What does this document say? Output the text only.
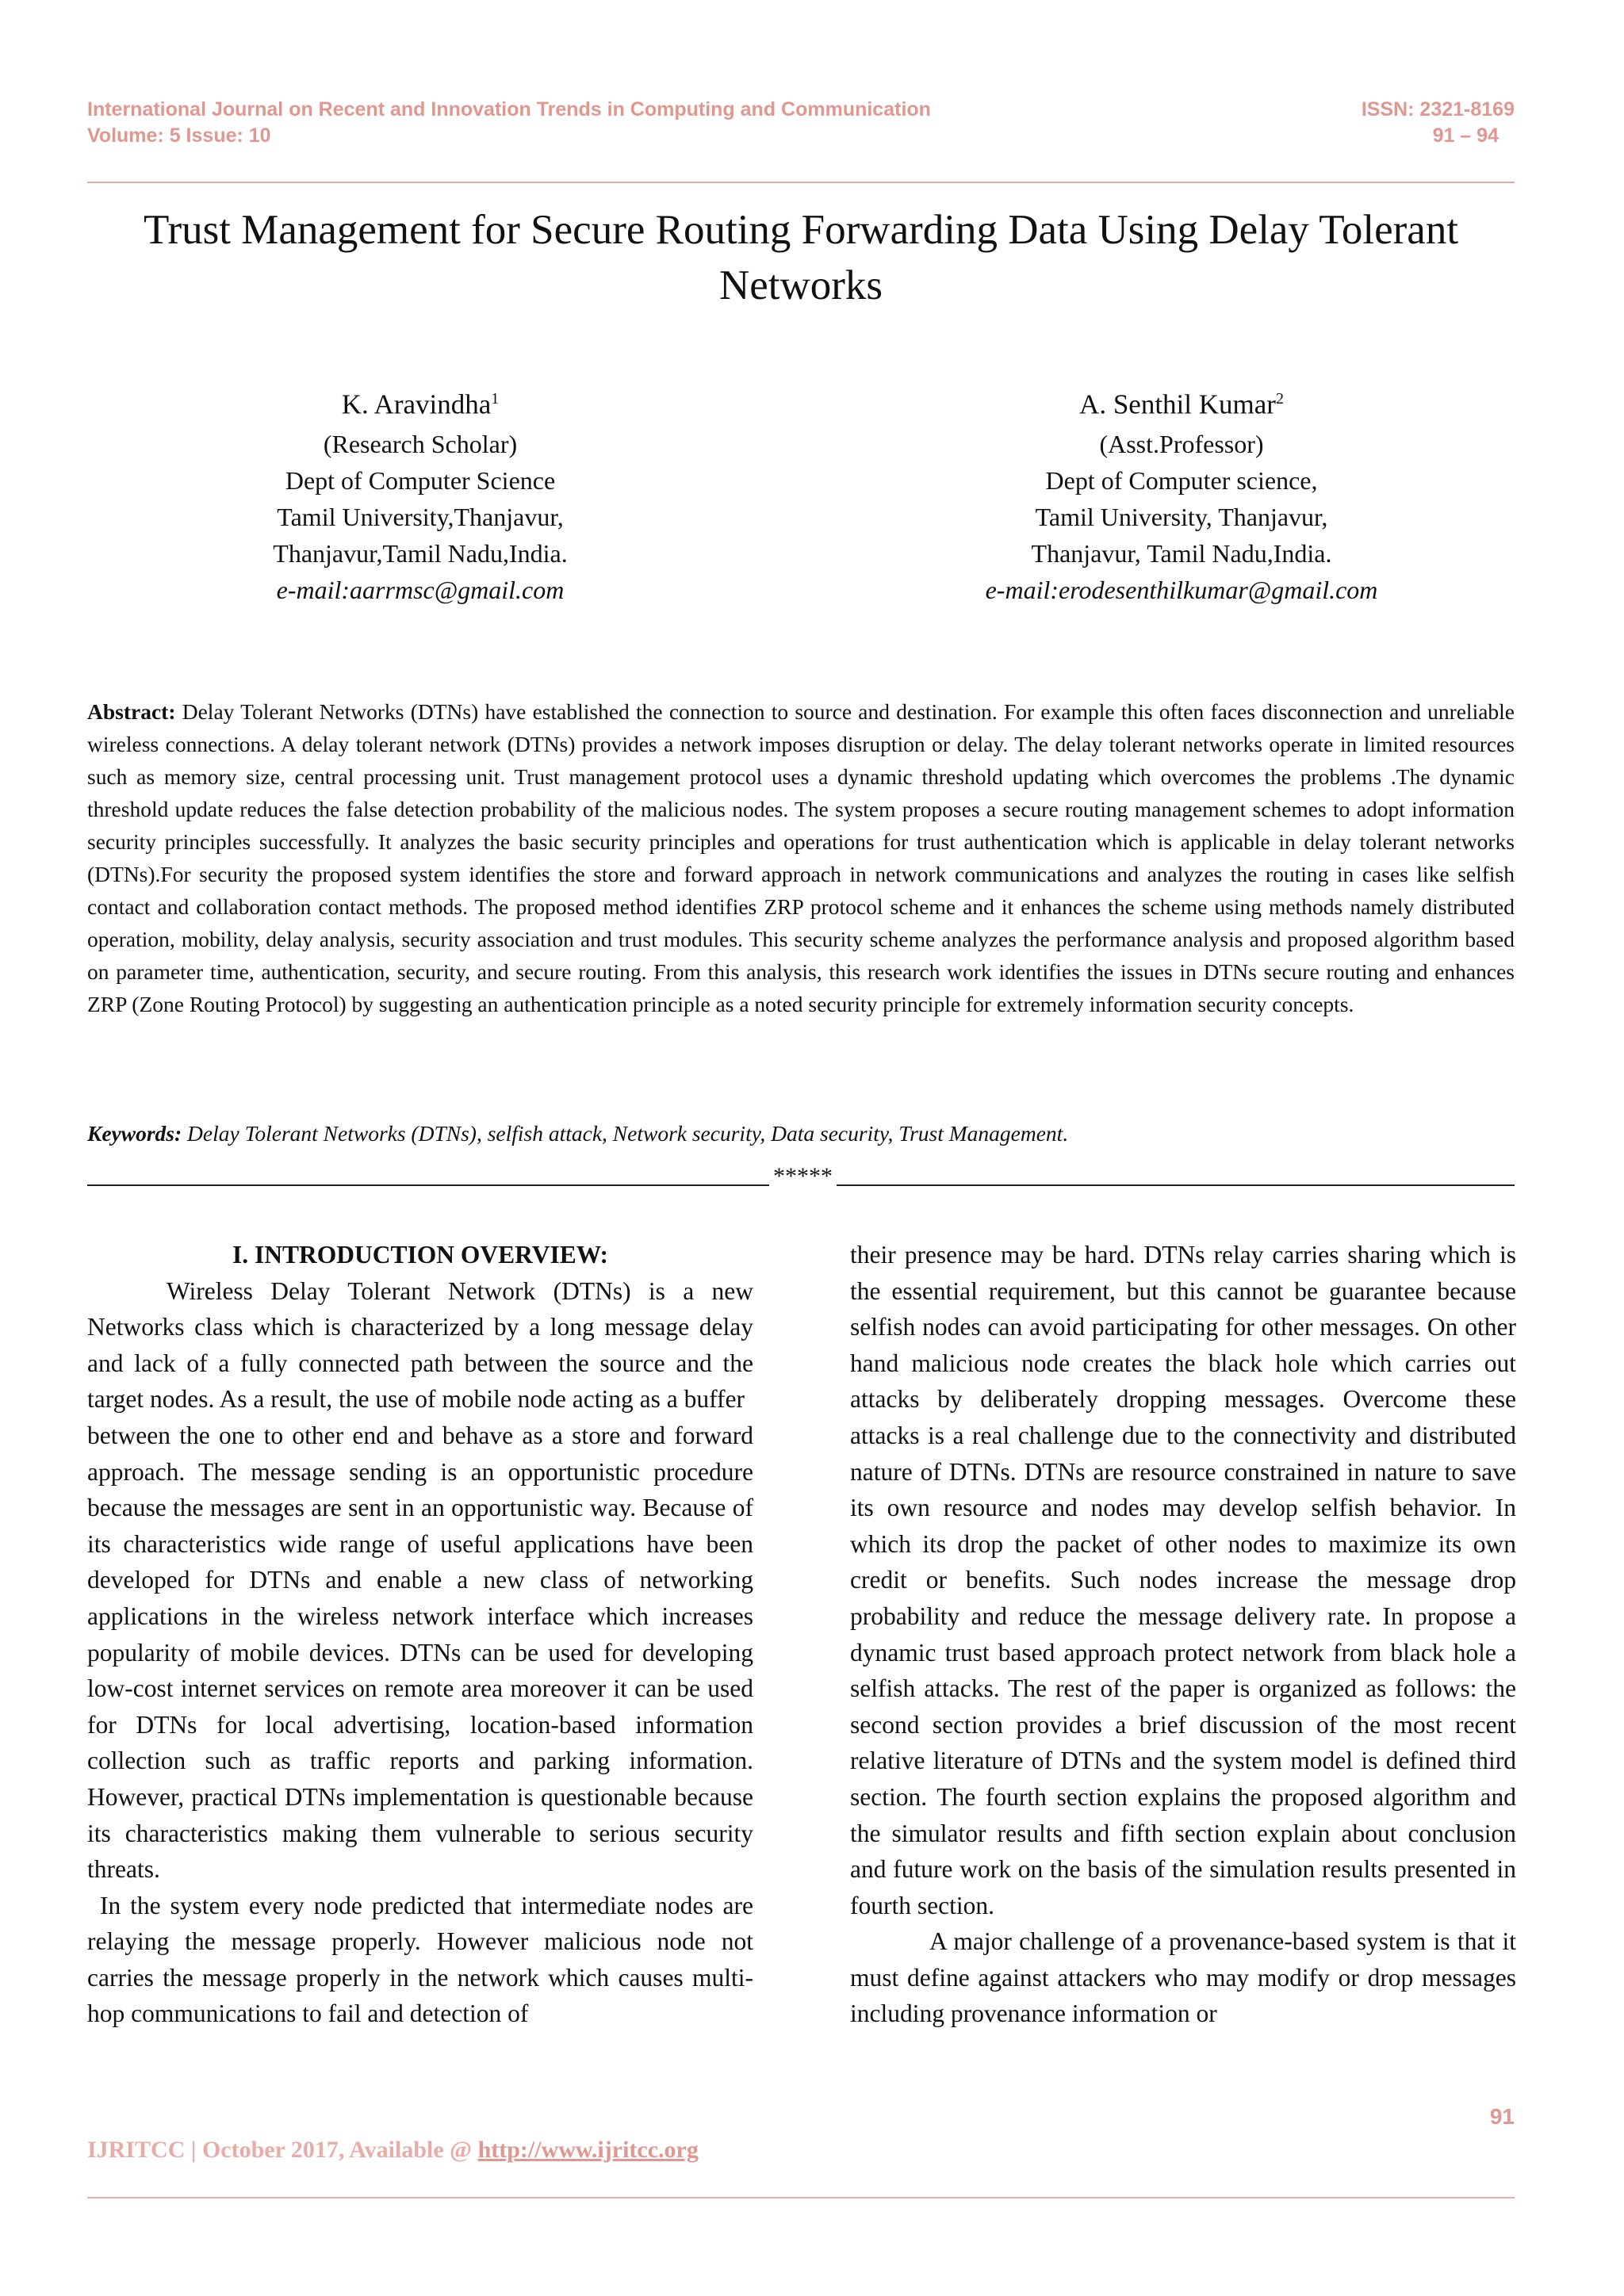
International Journal on Recent and Innovation Trends in Computing and Communication	ISSN: 2321-8169
Volume: 5 Issue: 10	91 – 94
Trust Management for Secure Routing Forwarding Data Using Delay Tolerant Networks
K. Aravindha$^1$
(Research Scholar)
Dept of Computer Science
Tamil University,Thanjavur,
Thanjavur,Tamil Nadu,India.
e-mail:aarrmsc@gmail.com
A. Senthil Kumar$^2$
(Asst.Professor)
Dept of Computer science,
Tamil University, Thanjavur,
Thanjavur, Tamil Nadu,India.
e-mail:erodesenthilkumar@gmail.com
Abstract: Delay Tolerant Networks (DTNs) have established the connection to source and destination. For example this often faces disconnection and unreliable wireless connections. A delay tolerant network (DTNs) provides a network imposes disruption or delay. The delay tolerant networks operate in limited resources such as memory size, central processing unit. Trust management protocol uses a dynamic threshold updating which overcomes the problems .The dynamic threshold update reduces the false detection probability of the malicious nodes. The system proposes a secure routing management schemes to adopt information security principles successfully. It analyzes the basic security principles and operations for trust authentication which is applicable in delay tolerant networks (DTNs).For security the proposed system identifies the store and forward approach in network communications and analyzes the routing in cases like selfish contact and collaboration contact methods. The proposed method identifies ZRP protocol scheme and it enhances the scheme using methods namely distributed operation, mobility, delay analysis, security association and trust modules. This security scheme analyzes the performance analysis and proposed algorithm based on parameter time, authentication, security, and secure routing. From this analysis, this research work identifies the issues in DTNs secure routing and enhances ZRP (Zone Routing Protocol) by suggesting an authentication principle as a noted security principle for extremely information security concepts.
Keywords: Delay Tolerant Networks (DTNs), selfish attack, Network security, Data security, Trust Management.
*****

I. INTRODUCTION OVERVIEW:

Wireless Delay Tolerant Network (DTNs) is a new Networks class which is characterized by a long message delay and lack of a fully connected path between the source and the target nodes. As a result, the use of mobile node acting as a buffer

between the one to other end and behave as a store and forward approach. The message sending is an opportunistic procedure because the messages are sent in an opportunistic way. Because of its characteristics wide range of useful applications have been developed for DTNs and enable a new class of networking applications in the wireless network interface which increases popularity of mobile devices. DTNs can be used for developing low-cost internet services on remote area moreover it can be used for DTNs for local advertising, location-based information collection such as traffic reports and parking information. However, practical DTNs implementation is questionable because its characteristics making them vulnerable to serious security threats.

In the system every node predicted that intermediate nodes are relaying the message properly. However malicious node not carries the message properly in the network which causes multi-hop communications to fail and detection of

their presence may be hard. DTNs relay carries sharing which is the essential requirement, but this cannot be guarantee because selfish nodes can avoid participating for other messages. On other hand malicious node creates the black hole which carries out attacks by deliberately dropping messages. Overcome these attacks is a real challenge due to the connectivity and distributed nature of DTNs. DTNs are resource constrained in nature to save its own resource and nodes may develop selfish behavior. In which its drop the packet of other nodes to maximize its own credit or benefits. Such nodes increase the message drop probability and reduce the message delivery rate. In propose a dynamic trust based approach protect network from black hole a selfish attacks. The rest of the paper is organized as follows: the second section provides a brief discussion of the most recent relative literature of DTNs and the system model is defined third section. The fourth section explains the proposed algorithm and the simulator results and fifth section explain about conclusion and future work on the basis of the simulation results presented in fourth section.

A major challenge of a provenance-based system is that it must define against attackers who may modify or drop messages including provenance information or

91
IJRITCC | October 2017, Available @ http://www.ijritcc.org
